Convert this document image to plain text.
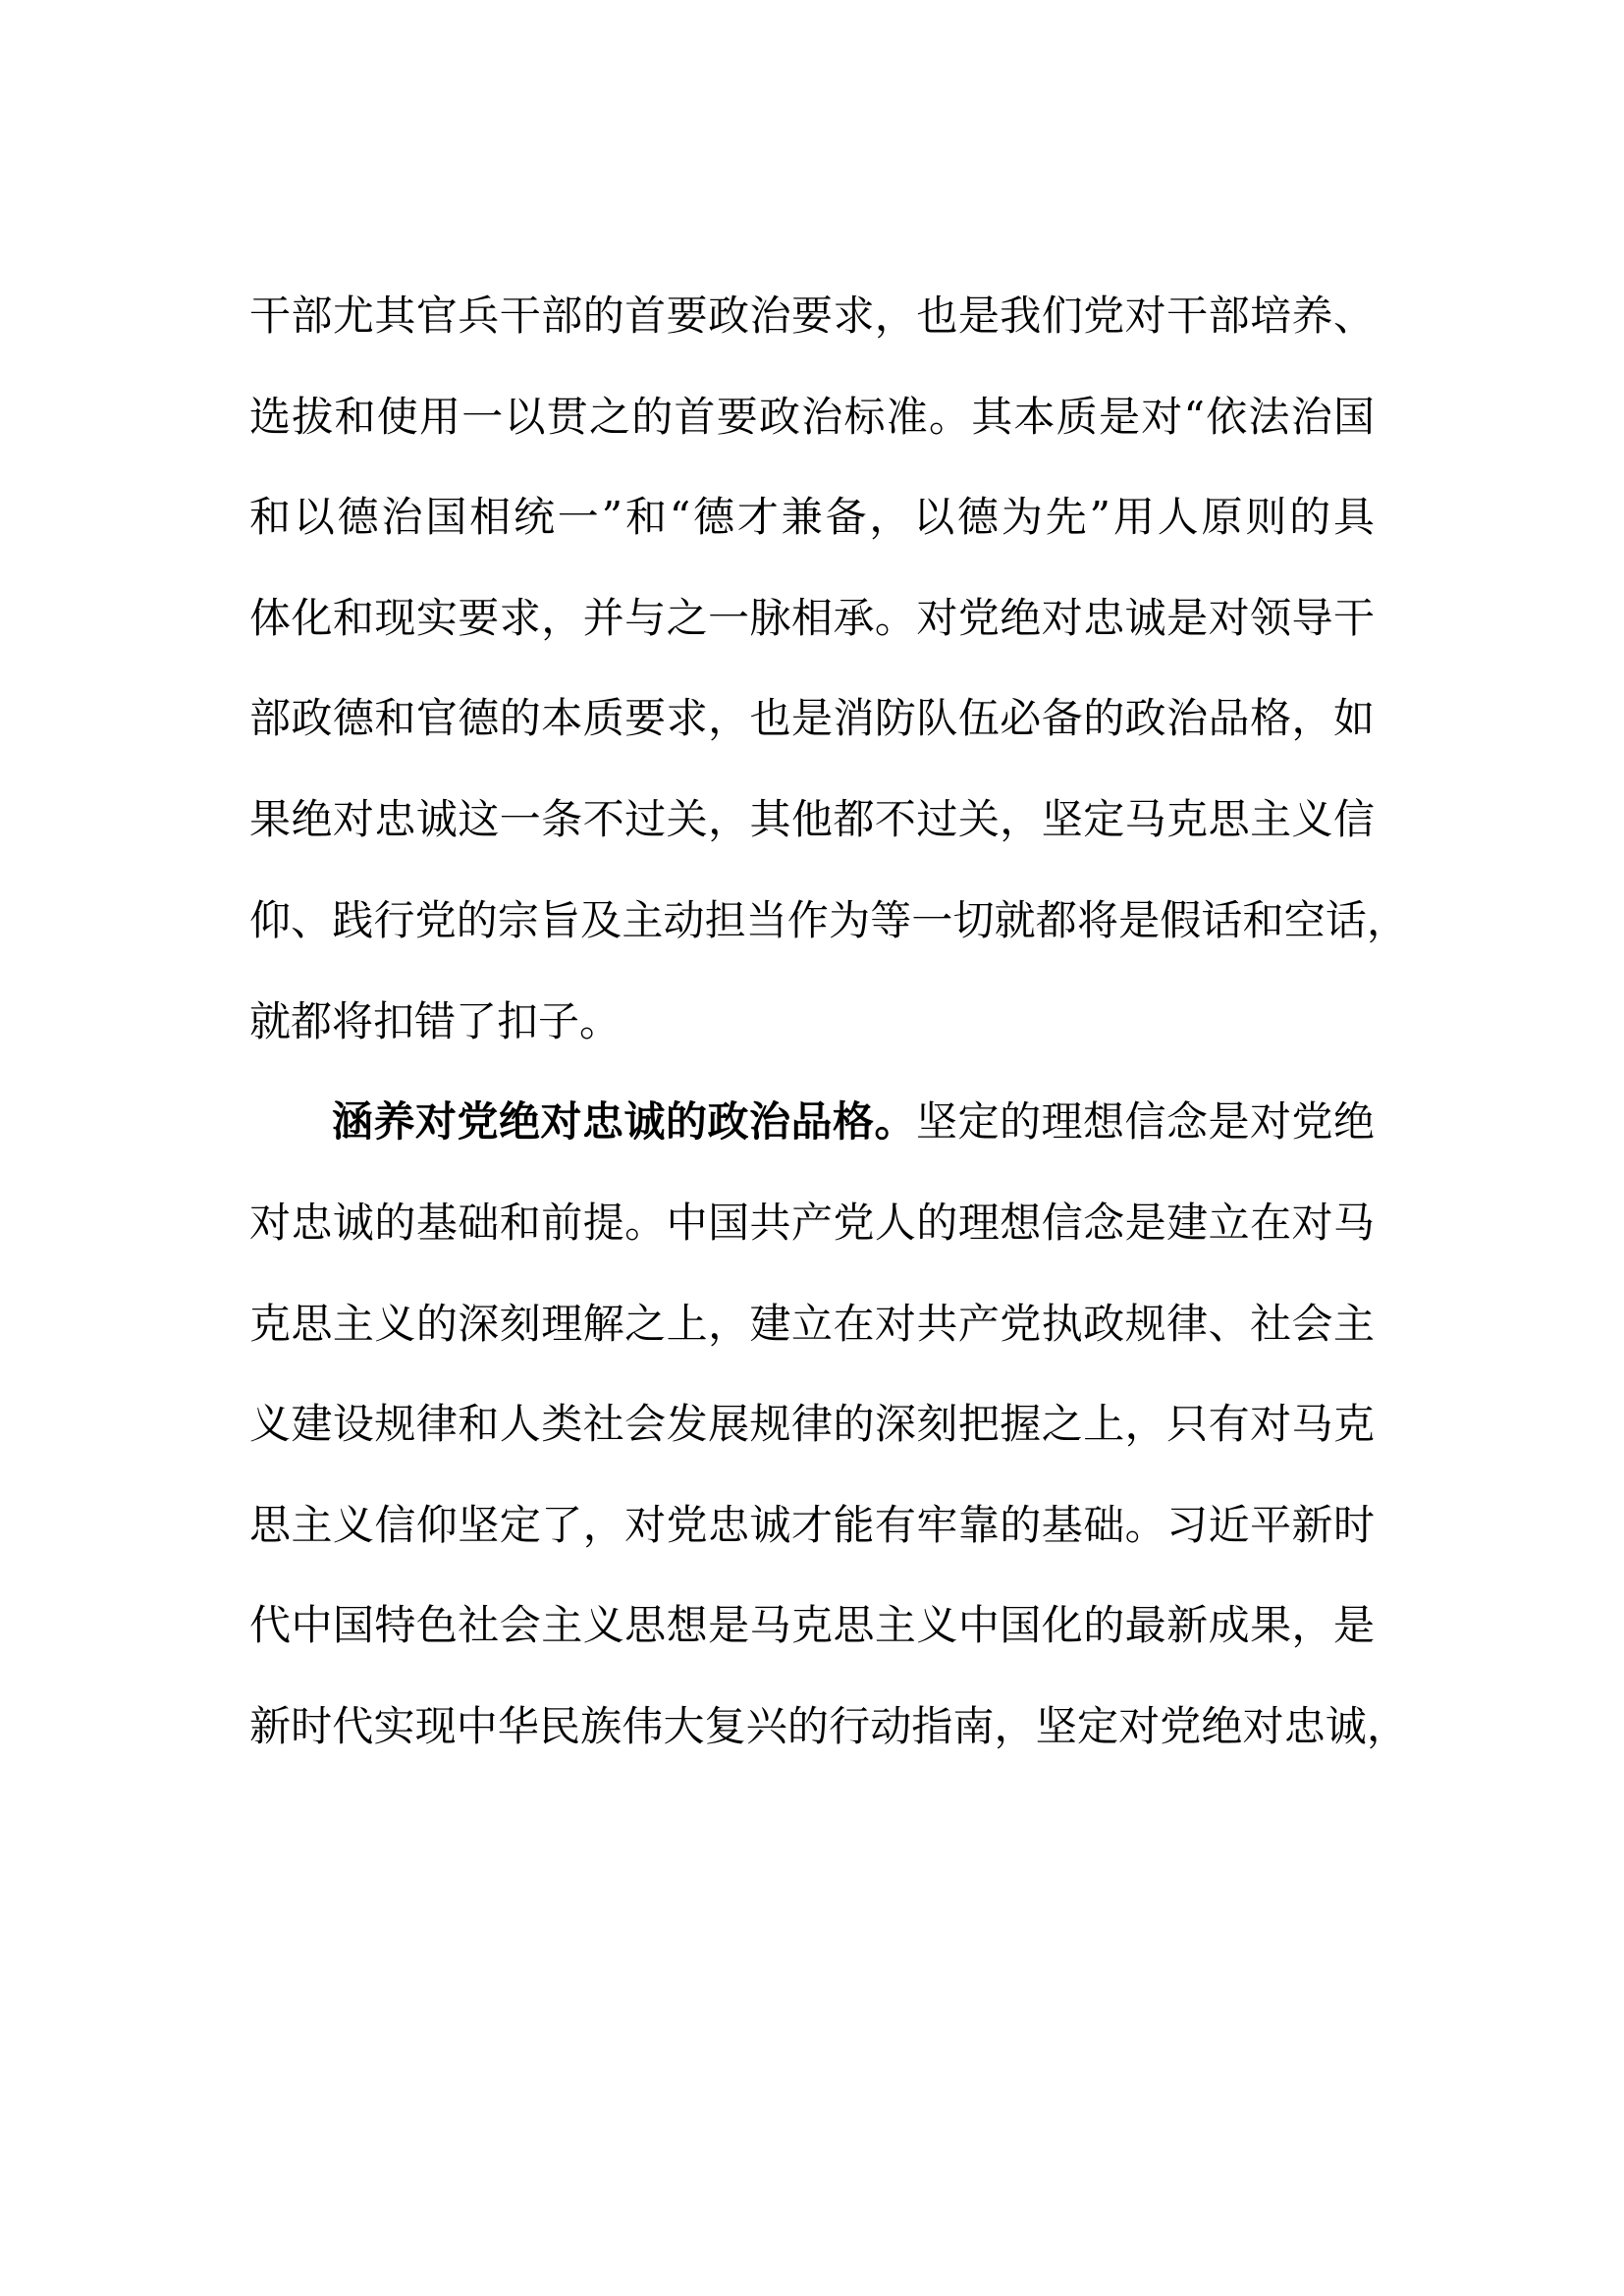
干部尤其官兵干部的首要政治要求，也是我们党对干部培养、
选拔和使用一以贯之的首要政治标准。其本质是对“依法治国
和以德治国相统一”和“德才兼备，以德为先”用人原则的具
体化和现实要求，并与之一脉相承。对党绝对忠诚是对领导干
部政德和官德的本质要求，也是消防队伍必备的政治品格，如
果绝对忠诚这一条不过关，其他都不过关，坚定马克思主义信
仰、践行党的宗旨及主动担当作为等一切就都将是假话和空话，
就都将扣错了扣子。
涵养对党绝对忠诚的政治品格。坚定的理想信念是对党绝
对忠诚的基础和前提。中国共产党人的理想信念是建立在对马
克思主义的深刻理解之上，建立在对共产党执政规律、社会主
义建设规律和人类社会发展规律的深刻把握之上，只有对马克
思主义信仰坚定了，对党忠诚才能有牢靠的基础。习近平新时
代中国特色社会主义思想是马克思主义中国化的最新成果，是
新时代实现中华民族伟大复兴的行动指南，坚定对党绝对忠诚，
